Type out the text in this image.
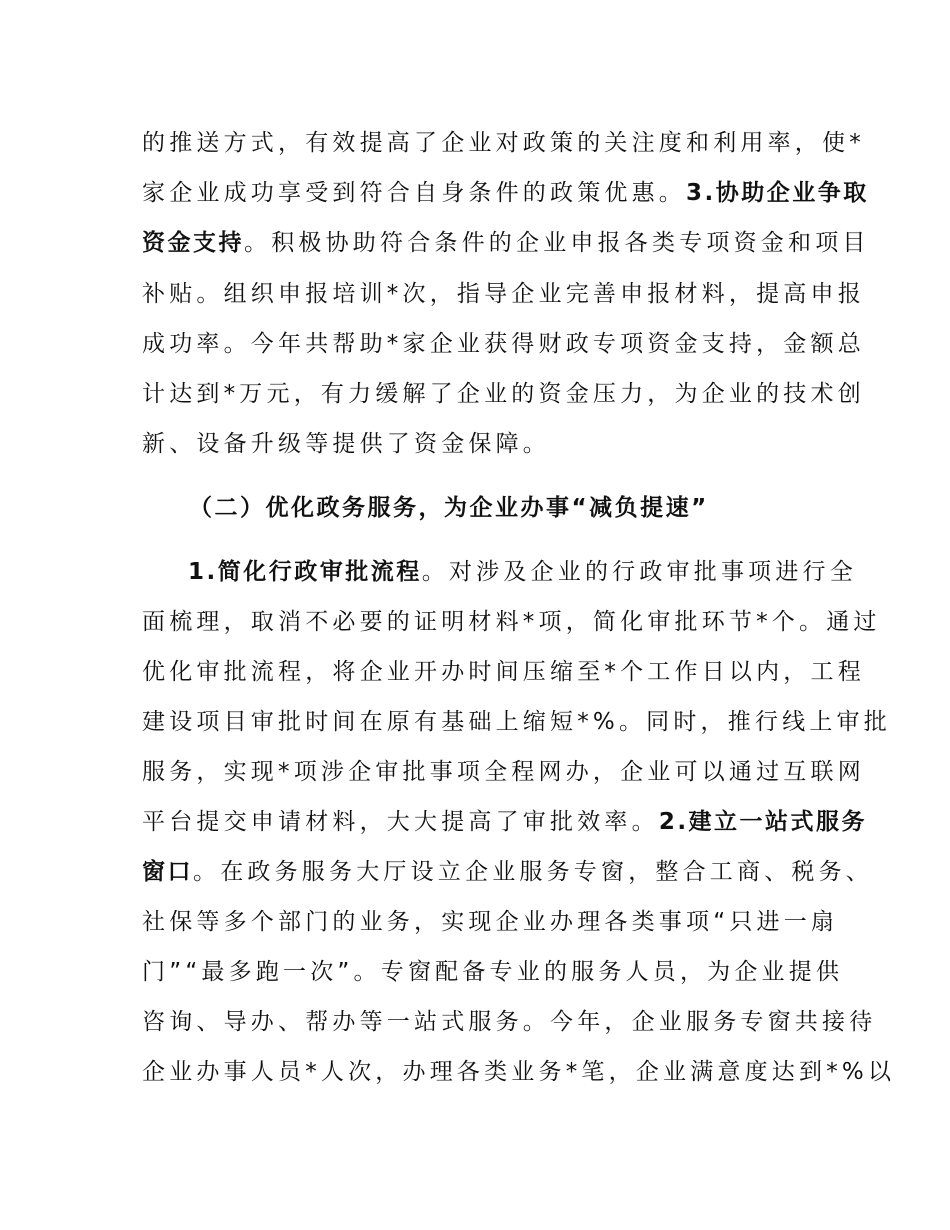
的推送方式，有效提高了企业对政策的关注度和利用率，使*
家企业成功享受到符合自身条件的政策优惠。3.协助企业争取
资金支持。积极协助符合条件的企业申报各类专项资金和项目
补贴。组织申报培训*次，指导企业完善申报材料，提高申报
成功率。今年共帮助*家企业获得财政专项资金支持，金额总
计达到*万元，有力缓解了企业的资金压力，为企业的技术创
新、设备升级等提供了资金保障。
（二）优化政务服务，为企业办事“减负提速”
1.简化行政审批流程。对涉及企业的行政审批事项进行全
面梳理，取消不必要的证明材料*项，简化审批环节*个。通过
优化审批流程，将企业开办时间压缩至*个工作日以内，工程
建设项目审批时间在原有基础上缩短*%。同时，推行线上审批
服务，实现*项涉企审批事项全程网办，企业可以通过互联网
平台提交申请材料，大大提高了审批效率。2.建立一站式服务
窗口。在政务服务大厅设立企业服务专窗，整合工商、税务、
社保等多个部门的业务，实现企业办理各类事项“只进一扇
门”“最多跑一次”。专窗配备专业的服务人员，为企业提供
咨询、导办、帮办等一站式服务。今年，企业服务专窗共接待
企业办事人员*人次，办理各类业务*笔，企业满意度达到*%以
